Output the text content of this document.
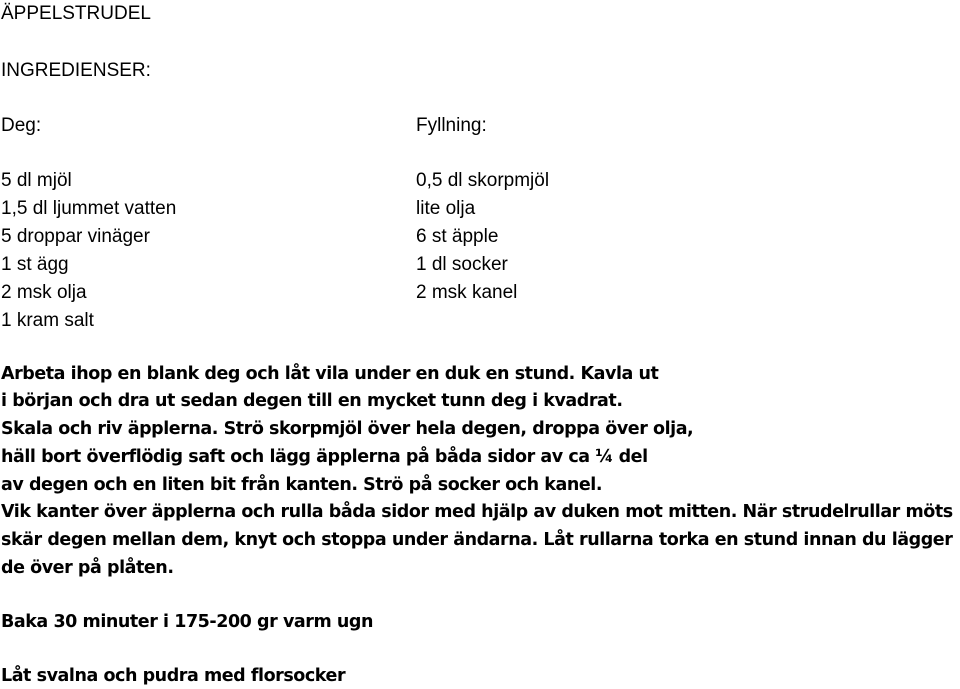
ÄPPELSTRUDEL
INGREDIENSER:
Deg:	Fyllning:
5 dl mjöl
1,5 dl ljummet vatten
5 droppar vinäger
1 st ägg
2 msk olja
1 kram salt
0,5 dl skorpmjöl
lite olja
6 st äpple
1 dl socker
2 msk kanel
Arbeta ihop en blank deg och låt vila under en duk en stund. Kavla ut
i början och dra ut sedan degen till en mycket tunn deg i kvadrat.
Skala och riv äpplerna. Strö skorpmjöl över hela degen, droppa över olja,
häll bort överflödig saft och lägg äpplerna på båda sidor av ca ¼ del
av degen och en liten bit från kanten. Strö på socker och kanel.
Vik kanter över äpplerna och rulla båda sidor med hjälp av duken mot mitten. När strudelrullar möts
skär degen mellan dem, knyt och stoppa under ändarna. Låt rullarna torka en stund innan du lägger
de över på plåten.
Baka 30 minuter i 175-200 gr varm ugn
Låt svalna och pudra med florsocker
